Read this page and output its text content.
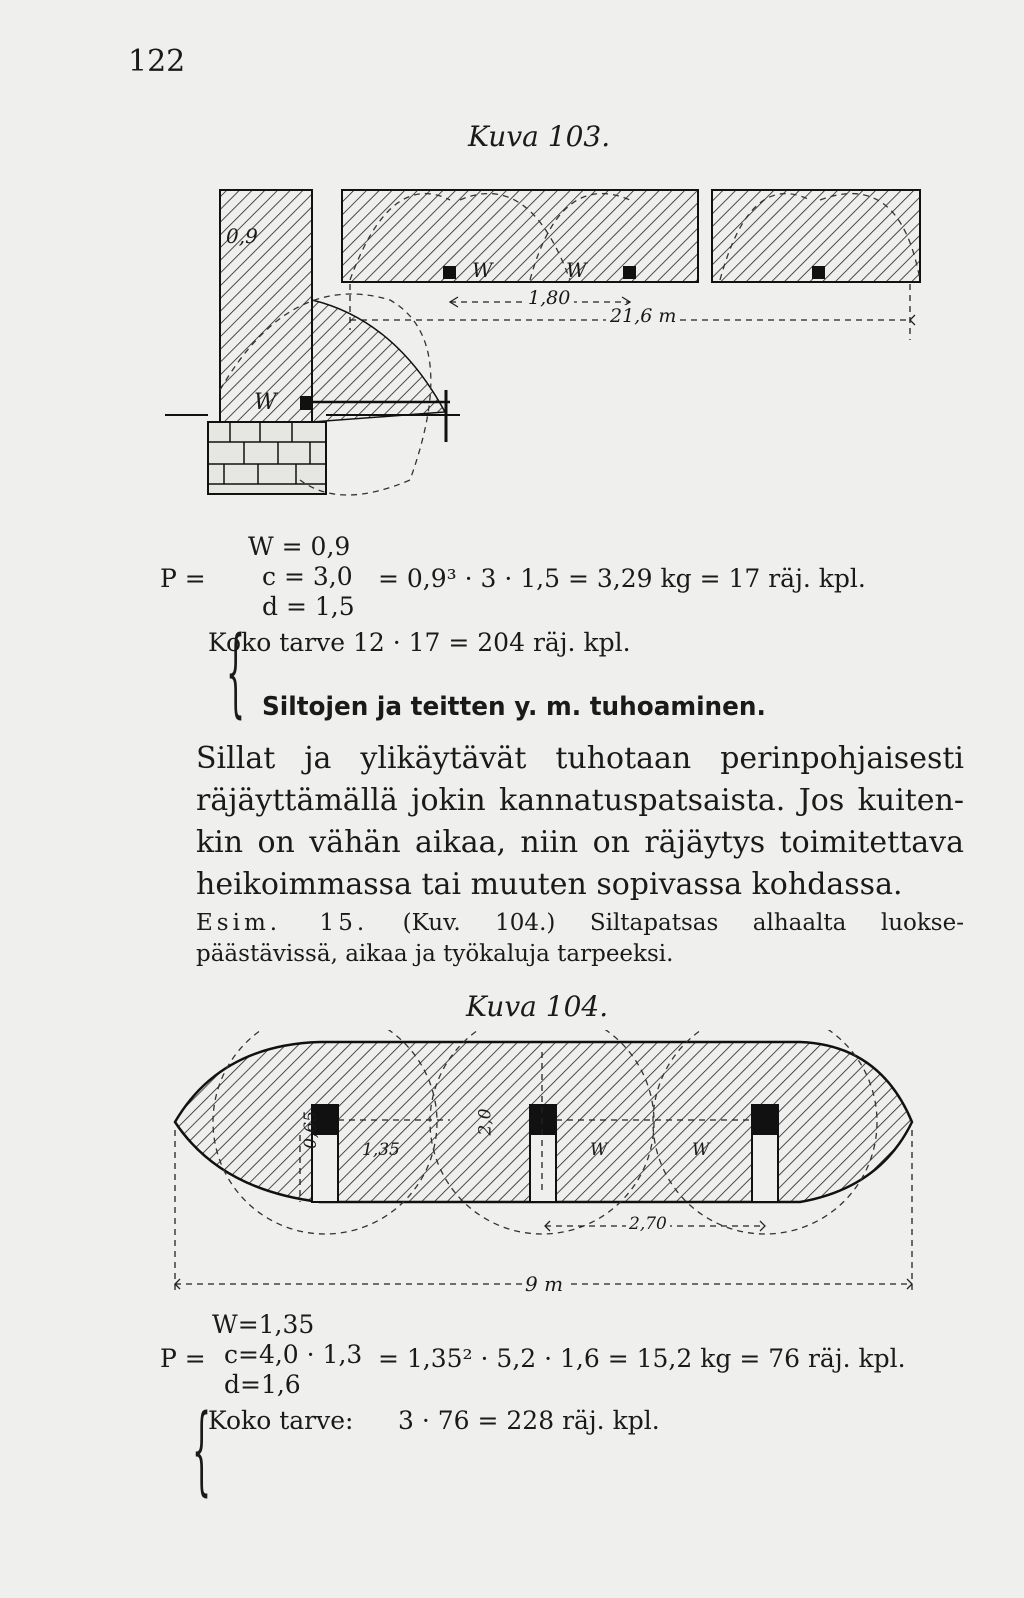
122
Kuva 103.
0,9
W	W
W
1,80
21,6 m
P =
{
W = 0,9
c = 3,0
d = 1,5
= 0,9³ · 3 · 1,5 = 3,29 kg = 17 räj. kpl.
Koko tarve 12 · 17 = 204 räj. kpl.
Siltojen ja teitten y. m. tuhoaminen.

Sillat ja ylikäytävät tuhotaan perinpohjaisesti

räjäyttämällä jokin kannatuspatsaista. Jos kuiten-

kin on vähän aikaa, niin on räjäytys toimitettava

heikoimmassa tai muuten sopivassa kohdassa.

Esim. 15. (Kuv. 104.) Siltapatsas alhaalta luokse-

päästävissä, aikaa ja työkaluja tarpeeksi.

Kuva 104.
0,65
1,35
2,0
W	W
2,70
9 m
P =
{
W=1,35
c=4,0 · 1,3
d=1,6
= 1,35² · 5,2 · 1,6 = 15,2 kg = 76 räj. kpl.
Koko tarve: 3 · 76 = 228 räj. kpl.
